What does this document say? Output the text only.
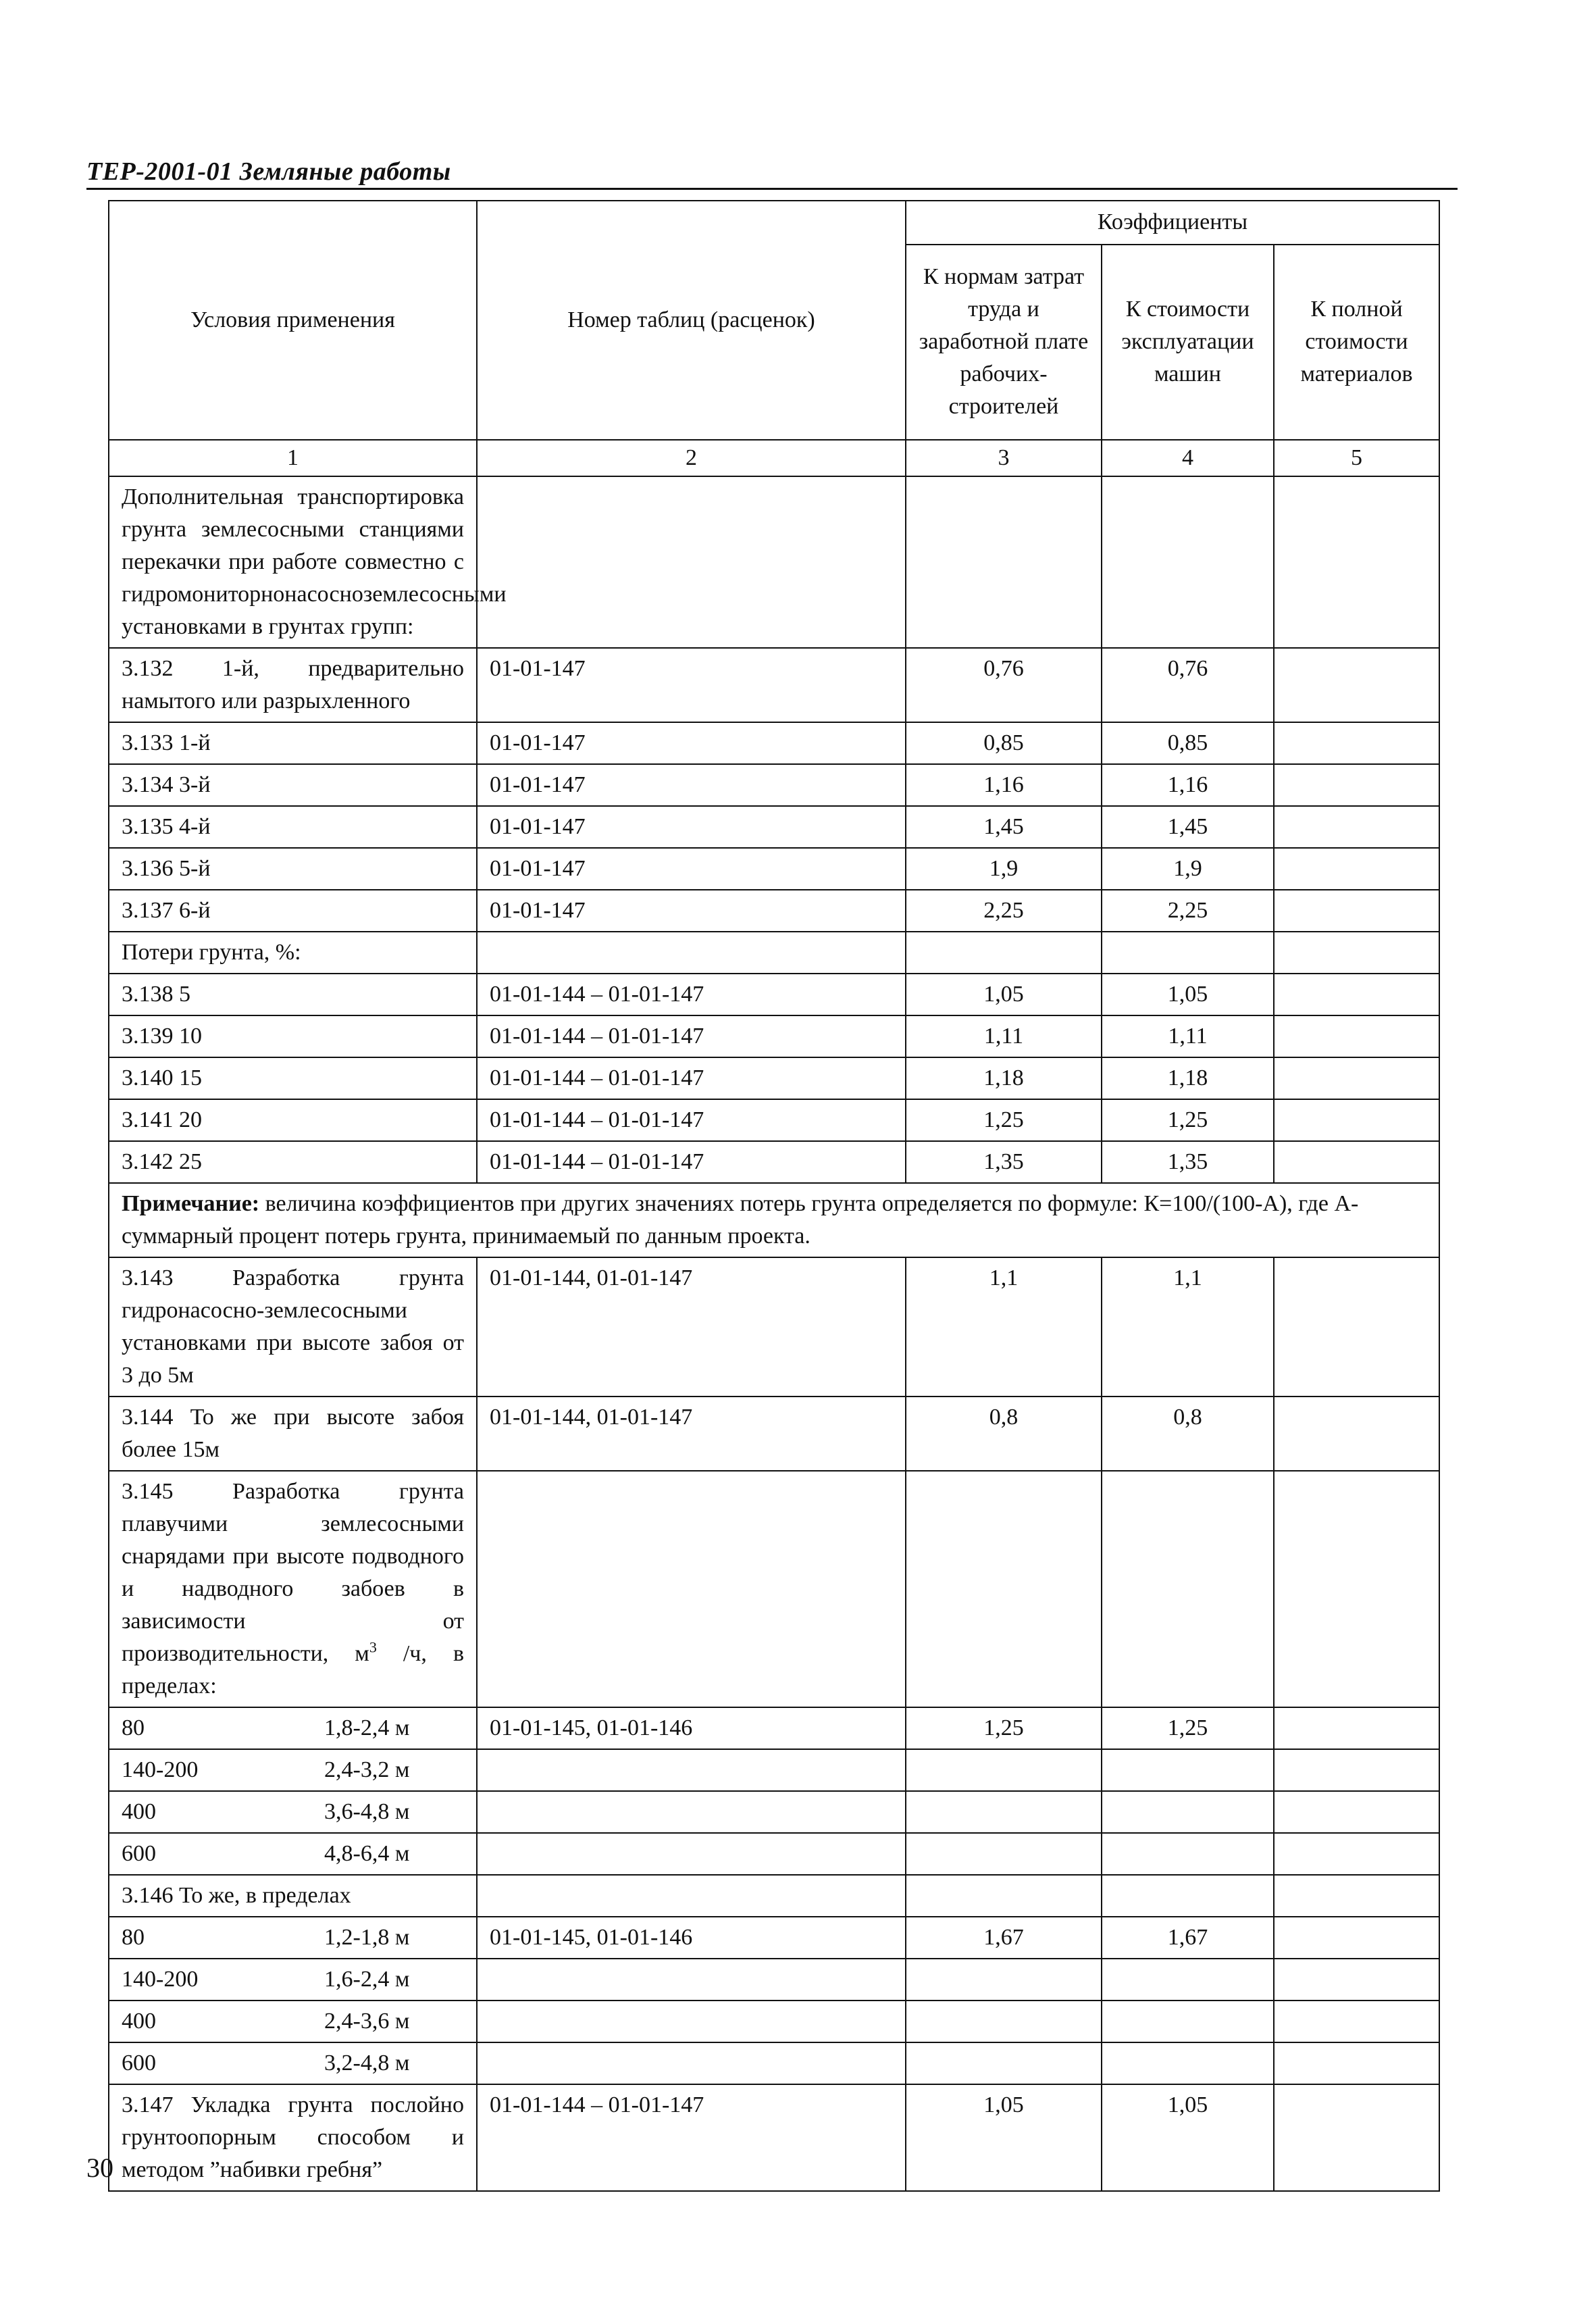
ТЕР-2001-01 Земляные работы
Условия применения	Номер таблиц (расценок)	Коэффициенты		
		К нормам затрат труда и заработной плате рабочих-строителей	К стоимости эксплуатации машин	К полной стоимости материалов
1	2	3	4	5
Дополнительная транспортировка грунта землесосными станциями перекачки при работе совместно с гидромониторнонасосноземлесосными установками в грунтах групп:				
3.132 1-й, предварительно намытого или разрыхленного	01-01-147	0,76	0,76	
3.133 1-й	01-01-147	0,85	0,85	
3.134 3-й	01-01-147	1,16	1,16	
3.135 4-й	01-01-147	1,45	1,45	
3.136 5-й	01-01-147	1,9	1,9	
3.137 6-й	01-01-147	2,25	2,25	
Потери грунта, %:				
3.138 5	01-01-144 – 01-01-147	1,05	1,05	
3.139 10	01-01-144 – 01-01-147	1,11	1,11	
3.140 15	01-01-144 – 01-01-147	1,18	1,18	
3.141 20	01-01-144 – 01-01-147	1,25	1,25	
3.142 25	01-01-144 – 01-01-147	1,35	1,35	
Примечание: величина коэффициентов при других значениях потерь грунта определяется по формуле: К=100/(100-А), где А-суммарный процент потерь грунта, принимаемый по данным проекта.				
3.143 Разработка грунта гидронасосно-землесосными установками при высоте забоя от 3 до 5м	01-01-144, 01-01-147	1,1	1,1	
3.144 То же при высоте забоя более 15м	01-01-144, 01-01-147	0,8	0,8	
3.145 Разработка грунта плавучими землесосными снарядами при высоте подводного и надводного забоев в зависимости от производительности, $м^3$ /ч, в пределах:				
80 1,8-2,4 м	01-01-145, 01-01-146	1,25	1,25	
140-200 2,4-3,2 м				
400 3,6-4,8 м				
600 4,8-6,4 м				
3.146 То же, в пределах				
80 1,2-1,8 м	01-01-145, 01-01-146	1,67	1,67	
140-200 1,6-2,4 м				
400 2,4-3,6 м				
600 3,2-4,8 м				
3.147 Укладка грунта послойно грунтоопорным способом и методом ”набивки гребня”	01-01-144 – 01-01-147	1,05	1,05	
30
